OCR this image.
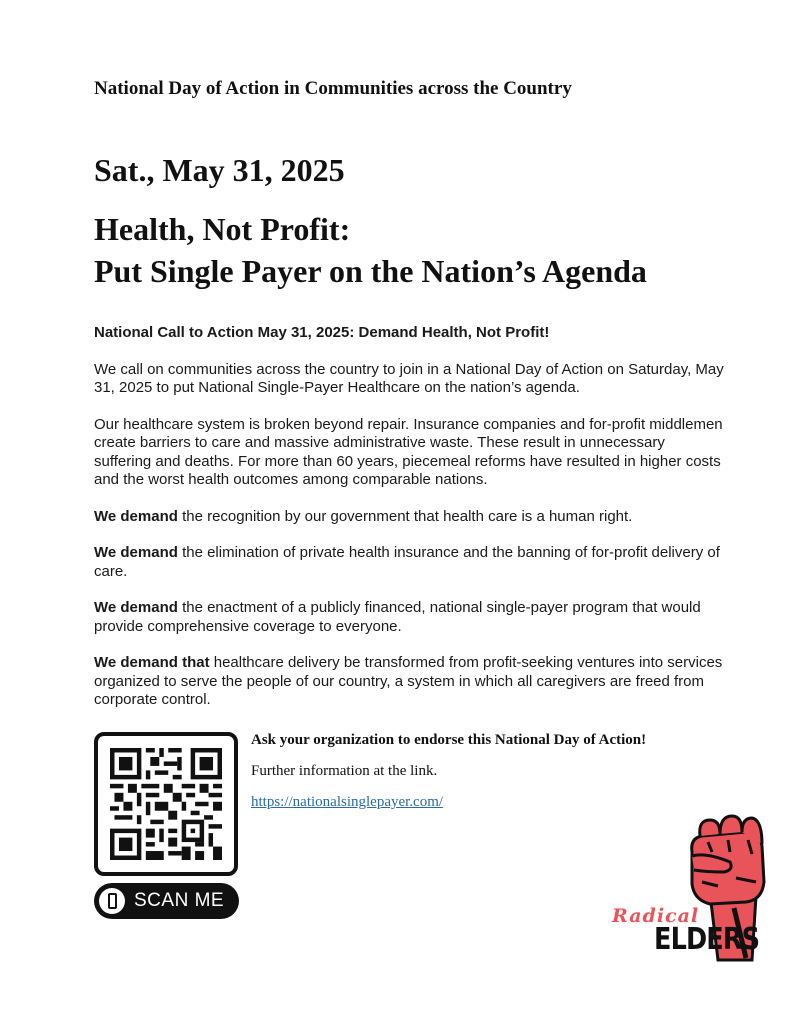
National Day of Action in Communities across the Country
Sat., May 31, 2025
Health, Not Profit:
Put Single Payer on the Nation’s Agenda

National Call to Action May 31, 2025: Demand Health, Not Profit!

We call on communities across the country to join in a National Day of Action on Saturday, May 31, 2025 to put National Single-Payer Healthcare on the nation’s agenda.

Our healthcare system is broken beyond repair. Insurance companies and for-profit middlemen create barriers to care and massive administrative waste. These result in unnecessary suffering and deaths. For more than 60 years, piecemeal reforms have resulted in higher costs and the worst health outcomes among comparable nations.

We demand the recognition by our government that health care is a human right.

We demand the elimination of private health insurance and the banning of for-profit delivery of care.

We demand the enactment of a publicly financed, national single-payer program that would provide comprehensive coverage to everyone.

We demand that healthcare delivery be transformed from profit-seeking ventures into services organized to serve the people of our country, a system in which all caregivers are freed from corporate control.

SCAN ME

Ask your organization to endorse this National Day of Action!

Further information at the link.

https://nationalsinglepayer.com/
Radical
ELDERS
